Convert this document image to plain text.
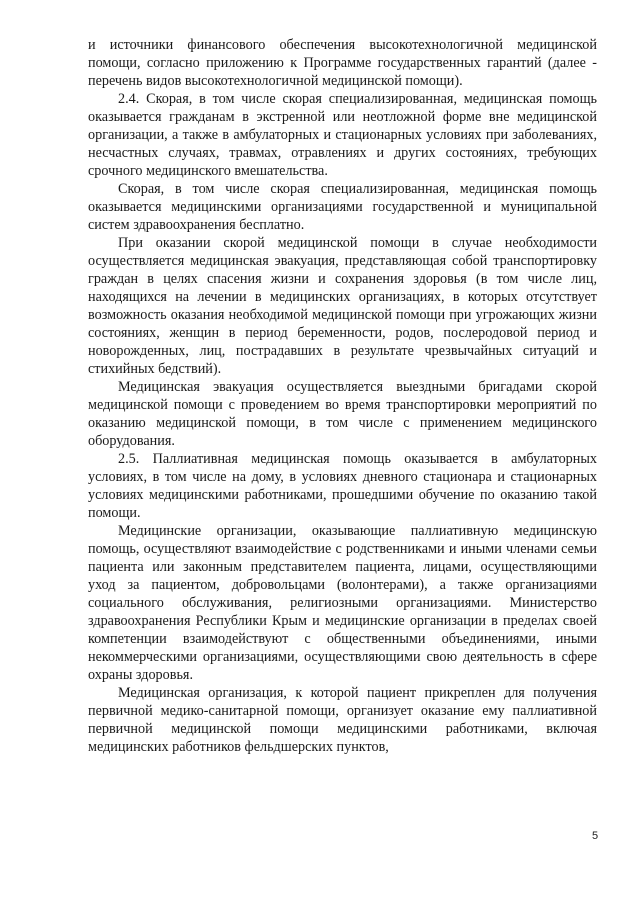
и источники финансового обеспечения высокотехнологичной медицинской помощи, согласно приложению к Программе государственных гарантий (далее - перечень видов высокотехнологичной медицинской помощи).

2.4. Скорая, в том числе скорая специализированная, медицинская помощь оказывается гражданам в экстренной или неотложной форме вне медицинской организации, а также в амбулаторных и стационарных условиях при заболеваниях, несчастных случаях, травмах, отравлениях и других состояниях, требующих срочного медицинского вмешательства.

Скорая, в том числе скорая специализированная, медицинская помощь оказывается медицинскими организациями государственной и муниципальной систем здравоохранения бесплатно.

При оказании скорой медицинской помощи в случае необходимости осуществляется медицинская эвакуация, представляющая собой транспортировку граждан в целях спасения жизни и сохранения здоровья (в том числе лиц, находящихся на лечении в медицинских организациях, в которых отсутствует возможность оказания необходимой медицинской помощи при угрожающих жизни состояниях, женщин в период беременности, родов, послеродовой период и новорожденных, лиц, пострадавших в результате чрезвычайных ситуаций и стихийных бедствий).

Медицинская эвакуация осуществляется выездными бригадами скорой медицинской помощи с проведением во время транспортировки мероприятий по оказанию медицинской помощи, в том числе с применением медицинского оборудования.

2.5. Паллиативная медицинская помощь оказывается в амбулаторных условиях, в том числе на дому, в условиях дневного стационара и стационарных условиях медицинскими работниками, прошедшими обучение по оказанию такой помощи.

Медицинские организации, оказывающие паллиативную медицинскую помощь, осуществляют взаимодействие с родственниками и иными членами семьи пациента или законным представителем пациента, лицами, осуществляющими уход за пациентом, добровольцами (волонтерами), а также организациями социального обслуживания, религиозными организациями. Министерство здравоохранения Республики Крым и медицинские организации в пределах своей компетенции взаимодействуют с общественными объединениями, иными некоммерческими организациями, осуществляющими свою деятельность в сфере охраны здоровья.

Медицинская организация, к которой пациент прикреплен для получения первичной медико-санитарной помощи, организует оказание ему паллиативной первичной медицинской помощи медицинскими работниками, включая медицинских работников фельдшерских пунктов,

5
